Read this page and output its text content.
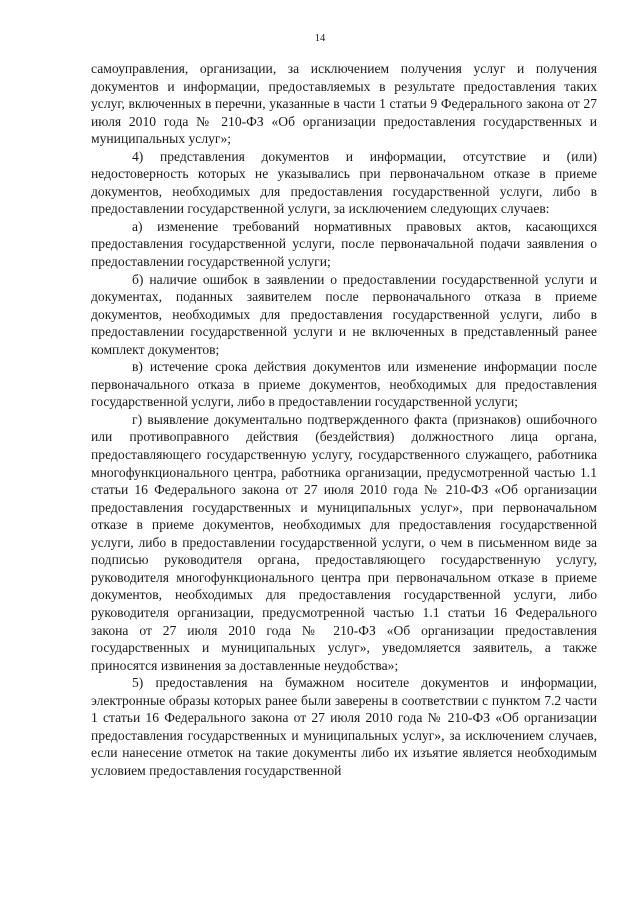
14

самоуправления, организации, за исключением получения услуг и получения документов и информации, предоставляемых в результате предоставления таких услуг, включенных в перечни, указанные в части 1 статьи 9 Федерального закона от 27 июля 2010 года № 210-ФЗ «Об организации предоставления государственных и муниципальных услуг»;

4) представления документов и информации, отсутствие и (или) недостоверность которых не указывались при первоначальном отказе в приеме документов, необходимых для предоставления государственной услуги, либо в предоставлении государственной услуги, за исключением следующих случаев:

а) изменение требований нормативных правовых актов, касающихся предоставления государственной услуги, после первоначальной подачи заявления о предоставлении государственной услуги;

б) наличие ошибок в заявлении о предоставлении государственной услуги и документах, поданных заявителем после первоначального отказа в приеме документов, необходимых для предоставления государственной услуги, либо в предоставлении государственной услуги и не включенных в представленный ранее комплект документов;

в) истечение срока действия документов или изменение информации после первоначального отказа в приеме документов, необходимых для предоставления государственной услуги, либо в предоставлении государственной услуги;

г) выявление документально подтвержденного факта (признаков) ошибочного или противоправного действия (бездействия) должностного лица органа, предоставляющего государственную услугу, государственного служащего, работника многофункционального центра, работника организации, предусмотренной частью 1.1 статьи 16 Федерального закона от 27 июля 2010 года № 210-ФЗ «Об организации предоставления государственных и муниципальных услуг», при первоначальном отказе в приеме документов, необходимых для предоставления государственной услуги, либо в предоставлении государственной услуги, о чем в письменном виде за подписью руководителя органа, предоставляющего государственную услугу, руководителя многофункционального центра при первоначальном отказе в приеме документов, необходимых для предоставления государственной услуги, либо руководителя организации, предусмотренной частью 1.1 статьи 16 Федерального закона от 27 июля 2010 года № 210-ФЗ «Об организации предоставления государственных и муниципальных услуг», уведомляется заявитель, а также приносятся извинения за доставленные неудобства»;

5) предоставления на бумажном носителе документов и информации, электронные образы которых ранее были заверены в соответствии с пунктом 7.2 части 1 статьи 16 Федерального закона от 27 июля 2010 года № 210-ФЗ «Об организации предоставления государственных и муниципальных услуг», за исключением случаев, если нанесение отметок на такие документы либо их изъятие является необходимым условием предоставления государственной
